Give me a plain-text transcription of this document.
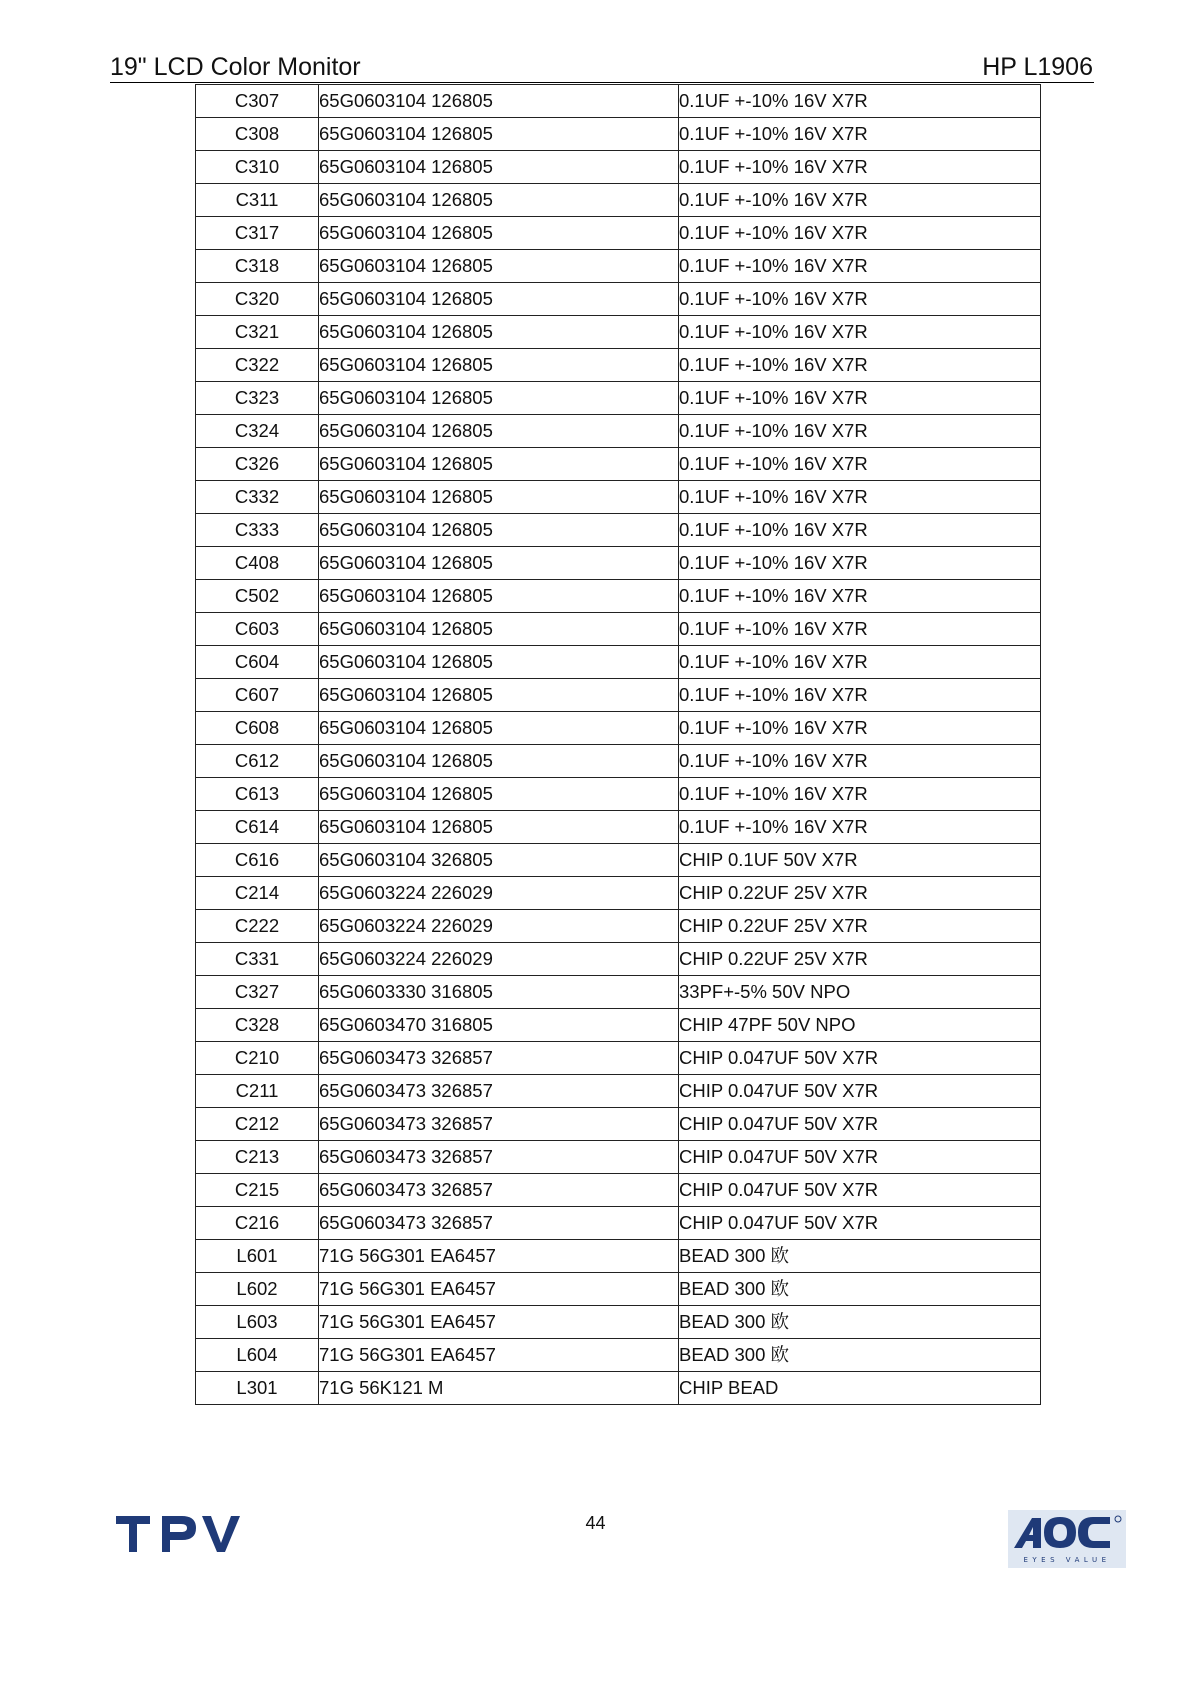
19" LCD Color Monitor	HP L1906
C307	65G0603104 126805	0.1UF +-10% 16V X7R
C308	65G0603104 126805	0.1UF +-10% 16V X7R
C310	65G0603104 126805	0.1UF +-10% 16V X7R
C311	65G0603104 126805	0.1UF +-10% 16V X7R
C317	65G0603104 126805	0.1UF +-10% 16V X7R
C318	65G0603104 126805	0.1UF +-10% 16V X7R
C320	65G0603104 126805	0.1UF +-10% 16V X7R
C321	65G0603104 126805	0.1UF +-10% 16V X7R
C322	65G0603104 126805	0.1UF +-10% 16V X7R
C323	65G0603104 126805	0.1UF +-10% 16V X7R
C324	65G0603104 126805	0.1UF +-10% 16V X7R
C326	65G0603104 126805	0.1UF +-10% 16V X7R
C332	65G0603104 126805	0.1UF +-10% 16V X7R
C333	65G0603104 126805	0.1UF +-10% 16V X7R
C408	65G0603104 126805	0.1UF +-10% 16V X7R
C502	65G0603104 126805	0.1UF +-10% 16V X7R
C603	65G0603104 126805	0.1UF +-10% 16V X7R
C604	65G0603104 126805	0.1UF +-10% 16V X7R
C607	65G0603104 126805	0.1UF +-10% 16V X7R
C608	65G0603104 126805	0.1UF +-10% 16V X7R
C612	65G0603104 126805	0.1UF +-10% 16V X7R
C613	65G0603104 126805	0.1UF +-10% 16V X7R
C614	65G0603104 126805	0.1UF +-10% 16V X7R
C616	65G0603104 326805	CHIP 0.1UF 50V X7R
C214	65G0603224 226029	CHIP 0.22UF 25V X7R
C222	65G0603224 226029	CHIP 0.22UF 25V X7R
C331	65G0603224 226029	CHIP 0.22UF 25V X7R
C327	65G0603330 316805	33PF+-5% 50V NPO
C328	65G0603470 316805	CHIP 47PF 50V NPO
C210	65G0603473 326857	CHIP 0.047UF 50V X7R
C211	65G0603473 326857	CHIP 0.047UF 50V X7R
C212	65G0603473 326857	CHIP 0.047UF 50V X7R
C213	65G0603473 326857	CHIP 0.047UF 50V X7R
C215	65G0603473 326857	CHIP 0.047UF 50V X7R
C216	65G0603473 326857	CHIP 0.047UF 50V X7R
L601	71G 56G301 EA6457	BEAD 300 欧
L602	71G 56G301 EA6457	BEAD 300 欧
L603	71G 56G301 EA6457	BEAD 300 欧
L604	71G 56G301 EA6457	BEAD 300 欧
L301	71G 56K121 M	CHIP BEAD
44
EYES VALUE
